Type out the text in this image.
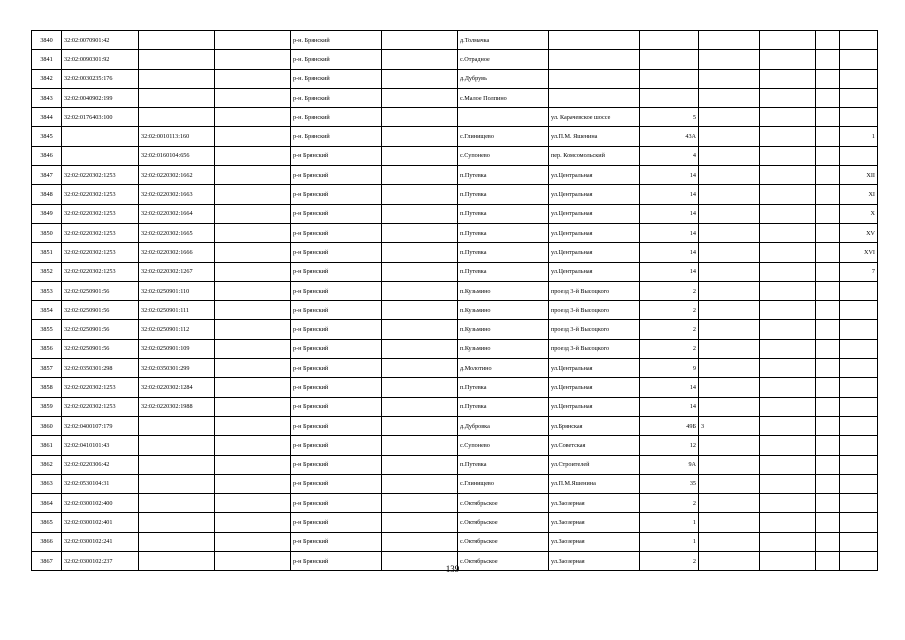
3840	32:02:0070901:42			р-н. Брянский		д.Толмачка						
3841	32:02:0090301:92			р-н. Брянский		с.Отрадное						
3842	32:02:0030235:176			р-н. Брянский		д.Дубрувь						
3843	32:02:0040902:199			р-н. Брянский		с.Малое Полпино						
3844	32:02:0176403:100			р-н. Брянский			ул. Карачевское шоссе	5				
3845		32:02:0010113:160		р-н. Брянский		с.Глинищево	ул.П.М. Яшенина	43А				1
3846		32:02:0160104:656		р-н Брянский		с.Супонево	пер. Комсомольский	4				
3847	32:02:0220302:1253	32:02:0220302:1662		р-н Брянский		п.Путевка	ул.Центральная	14				XII
3848	32:02:0220302:1253	32:02:0220302:1663		р-н Брянский		п.Путевка	ул.Центральная	14				XI
3849	32:02:0220302:1253	32:02:0220302:1664		р-н Брянский		п.Путевка	ул.Центральная	14				X
3850	32:02:0220302:1253	32:02:0220302:1665		р-н Брянский		п.Путевка	ул.Центральная	14				XV
3851	32:02:0220302:1253	32:02:0220302:1666		р-н Брянский		п.Путевка	ул.Центральная	14				XVI
3852	32:02:0220302:1253	32:02:0220302:1267		р-н Брянский		п.Путевка	ул.Центральная	14				7
3853	32:02:0250901:56	32:02:0250901:110		р-н Брянский		п.Кузьмино	проезд 3-й Высоцкого	2				
3854	32:02:0250901:56	32:02:0250901:111		р-н Брянский		п.Кузьмино	проезд 3-й Высоцкого	2				
3855	32:02:0250901:56	32:02:0250901:112		р-н Брянский		п.Кузьмино	проезд 3-й Высоцкого	2				
3856	32:02:0250901:56	32:02:0250901:109		р-н Брянский		п.Кузьмино	проезд 3-й Высоцкого	2				
3857	32:02:0350301:298	32:02:0350301:299		р-н Брянский		д.Молотино	ул.Центральная	9				
3858	32:02:0220302:1253	32:02:0220302:1284		р-н Брянский		п.Путевка	ул.Центральная	14				
3859	32:02:0220302:1253	32:02:0220302:1988		р-н Брянский		п.Путевка	ул.Центральная	14				
3860	32:02:0400107:179			р-н Брянский		д.Дубровка	ул.Брянская	49Б	3			
3861	32:02:0410101:43			р-н Брянский		с.Супонево	ул.Советская	12				
3862	32:02:0220306:42			р-н Брянский		п.Путевка	ул.Строителей	9А				
3863	32:02:0530104:31			р-н Брянский		с.Глинищево	ул.П.М.Яшенина	35				
3864	32:02:0300102:400			р-н Брянский		с.Октябрьское	ул.Заозерная	2				
3865	32:02:0300102:401			р-н Брянский		с.Октябрьское	ул.Заозерная	1				
3866	32:02:0300102:241			р-н Брянский		с.Октябрьское	ул.Заозерная	1				
3867	32:02:0300102:237			р-н Брянский		с.Октябрьское	ул.Заозерная	2				
139
